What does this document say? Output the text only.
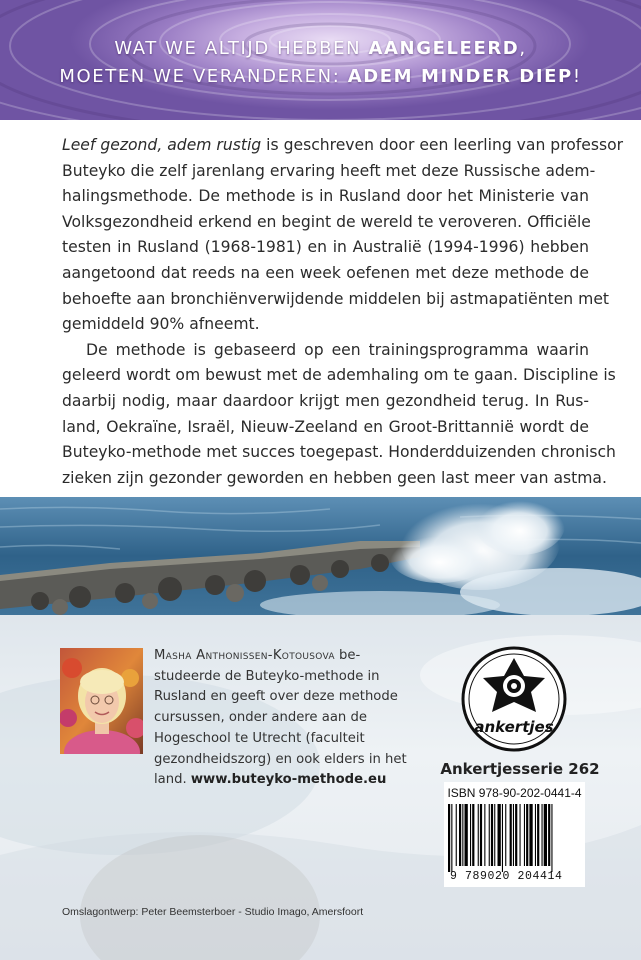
WAT WE ALTIJD HEBBEN AANGELEERD,
MOETEN WE VERANDEREN: ADEM MINDER DIEP!

Leef gezond, adem rustig is geschreven door een leerling van professor
Buteyko die zelf jarenlang ervaring heeft met deze Russische adem-
halingsmethode. De methode is in Rusland door het Ministerie van
Volksgezondheid erkend en begint de wereld te veroveren. Officiële
testen in Rusland (1968-1981) en in Australië (1994-1996) hebben
aangetoond dat reeds na een week oefenen met deze methode de
behoefte aan bronchiënverwijdende middelen bij astmapatiënten met
gemiddeld 90% afneemt.

De methode is gebaseerd op een trainingsprogramma waarin
geleerd wordt om bewust met de ademhaling om te gaan. Discipline is
daarbij nodig, maar daardoor krijgt men gezondheid terug. In Rus-
land, Oekraïne, Israël, Nieuw-Zeeland en Groot-Brittannië wordt de
Buteyko-methode met succes toegepast. Honderdduizenden chronisch
zieken zijn gezonder geworden en hebben geen last meer van astma.

Masha Anthonissen-Kotousova be-
studeerde de Buteyko-methode in
Rusland en geeft over deze methode
cursussen, onder andere aan de
Hogeschool te Utrecht (faculteit
gezondheidszorg) en ook elders in het
land. www.buteyko-methode.eu
ankertjes
Ankertjesserie 262
ISBN 978-90-202-0441-4
9 789020 204414
Omslagontwerp: Peter Beemsterboer - Studio Imago, Amersfoort
